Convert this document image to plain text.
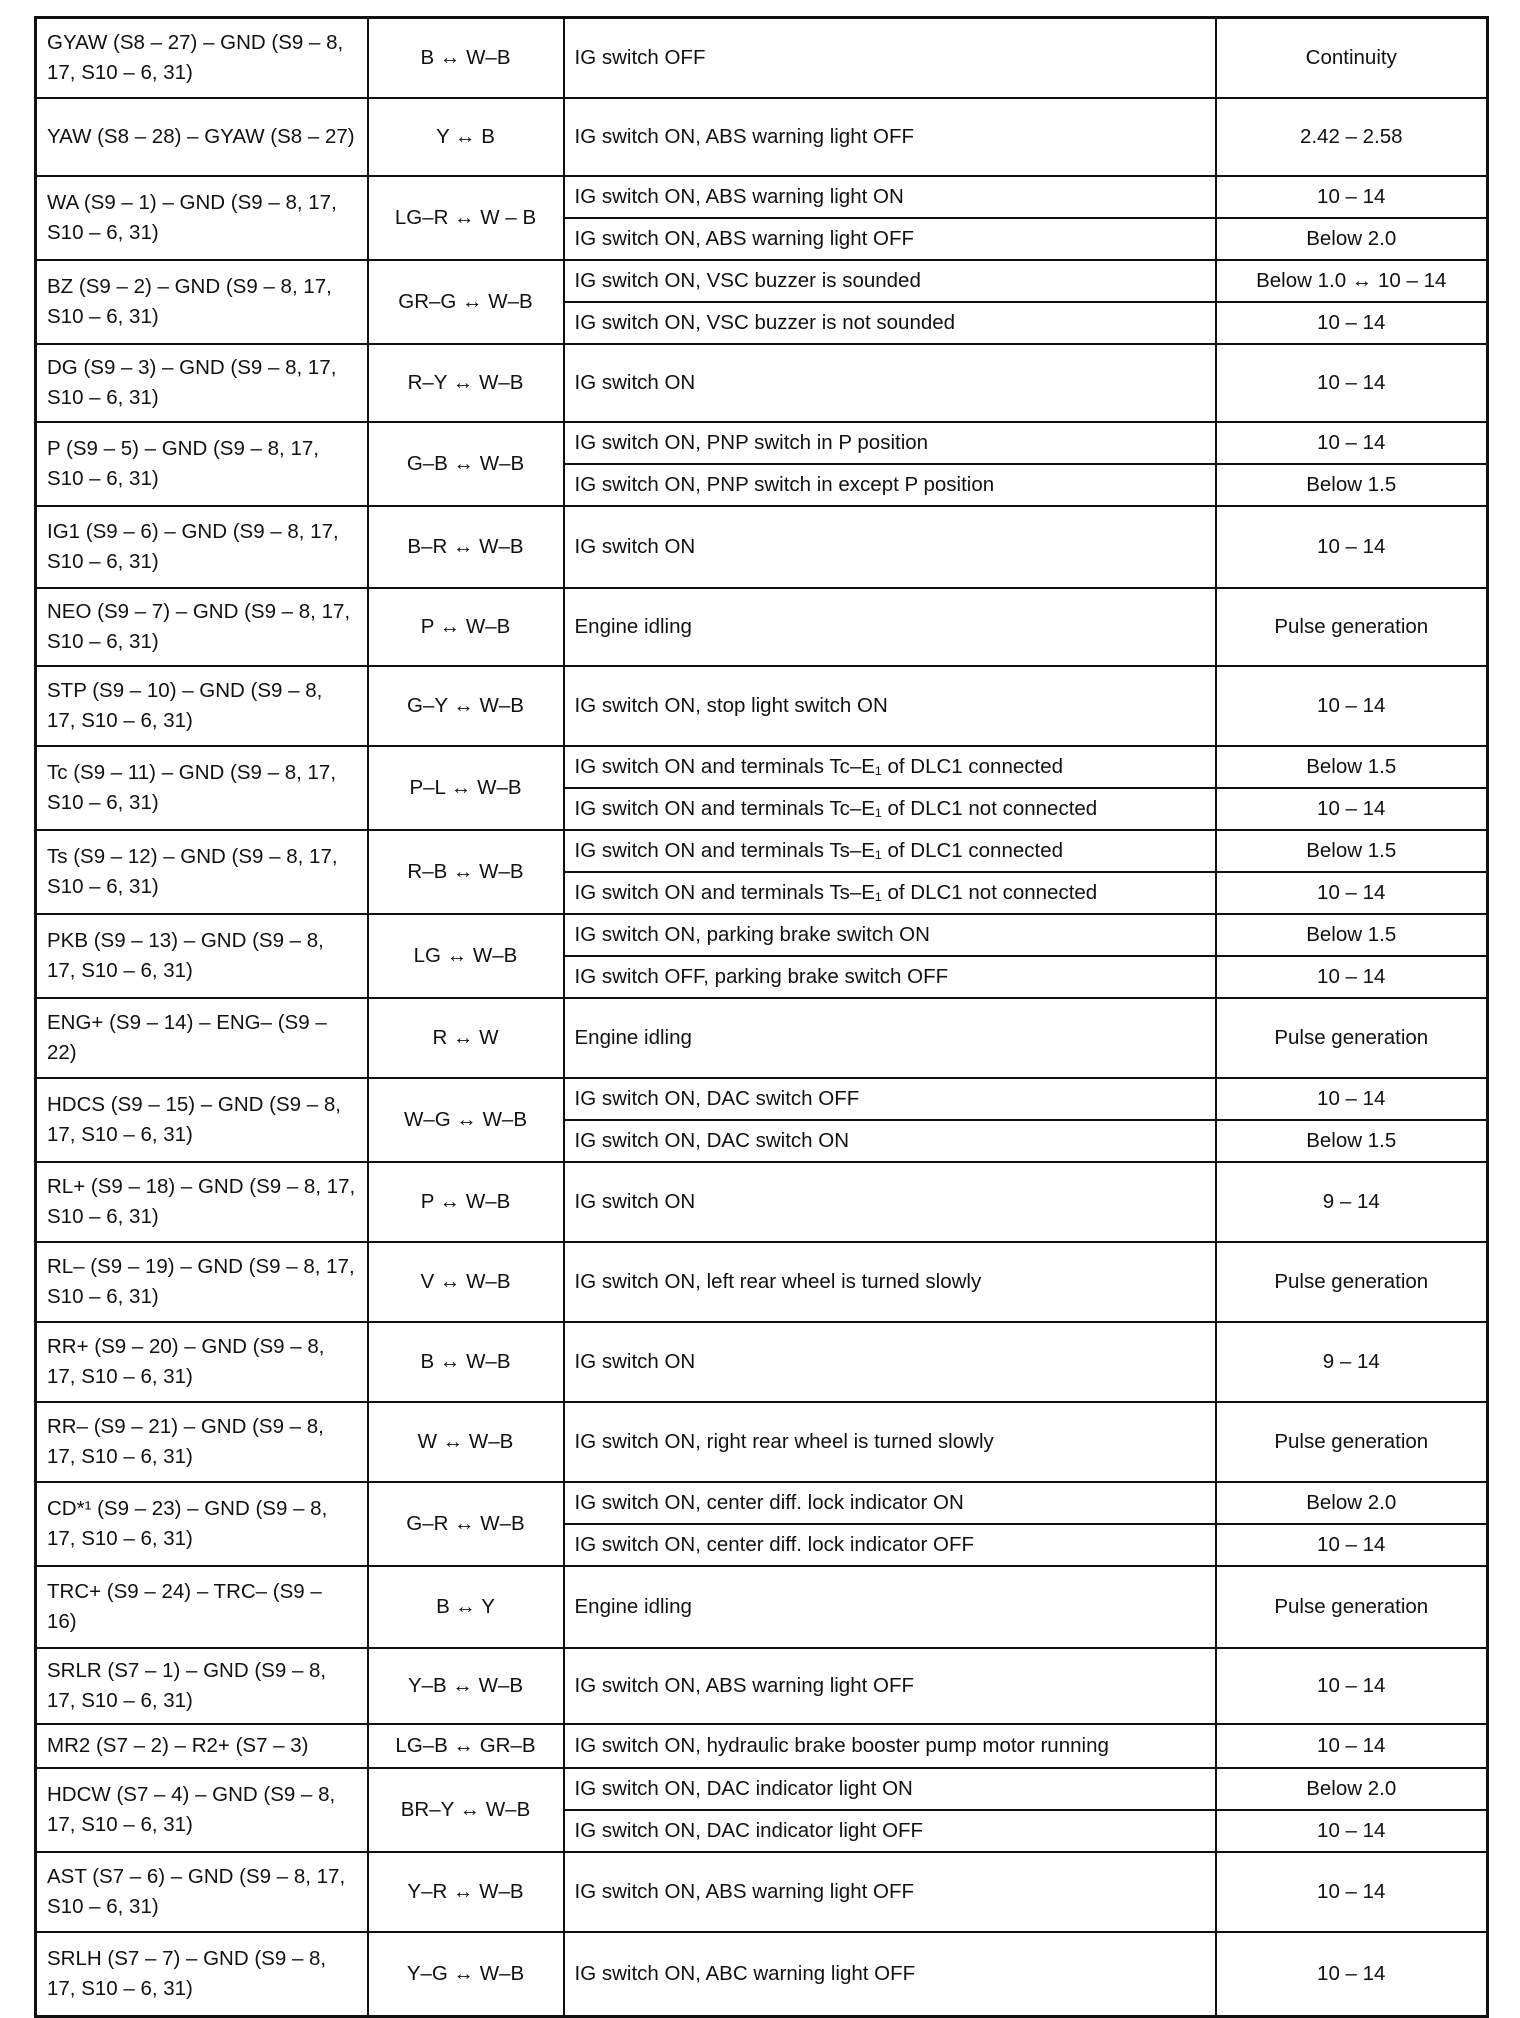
GYAW (S8 – 27) – GND (S9 – 8, 17, S10 – 6, 31)	B ↔ W–B	IG switch OFF	Continuity
YAW (S8 – 28) – GYAW (S8 – 27)	Y ↔ B	IG switch ON, ABS warning light OFF	2.42 – 2.58
WA (S9 – 1) – GND (S9 – 8, 17, S10 – 6, 31)	LG–R ↔ W – B	IG switch ON, ABS warning light ON	10 – 14
		IG switch ON, ABS warning light OFF	Below 2.0
BZ (S9 – 2) – GND (S9 – 8, 17, S10 – 6, 31)	GR–G ↔ W–B	IG switch ON, VSC buzzer is sounded	Below 1.0 ↔ 10 – 14
		IG switch ON, VSC buzzer is not sounded	10 – 14
DG (S9 – 3) – GND (S9 – 8, 17, S10 – 6, 31)	R–Y ↔ W–B	IG switch ON	10 – 14
P (S9 – 5) – GND (S9 – 8, 17, S10 – 6, 31)	G–B ↔ W–B	IG switch ON, PNP switch in P position	10 – 14
		IG switch ON, PNP switch in except P position	Below 1.5
IG1 (S9 – 6) – GND (S9 – 8, 17, S10 – 6, 31)	B–R ↔ W–B	IG switch ON	10 – 14
NEO (S9 – 7) – GND (S9 – 8, 17, S10 – 6, 31)	P ↔ W–B	Engine idling	Pulse generation
STP (S9 – 10) – GND (S9 – 8, 17, S10 – 6, 31)	G–Y ↔ W–B	IG switch ON, stop light switch ON	10 – 14
Tc (S9 – 11) – GND (S9 – 8, 17, S10 – 6, 31)	P–L ↔ W–B	IG switch ON and terminals Tc–E₁ of DLC1 connected	Below 1.5
		IG switch ON and terminals Tc–E₁ of DLC1 not connected	10 – 14
Ts (S9 – 12) – GND (S9 – 8, 17, S10 – 6, 31)	R–B ↔ W–B	IG switch ON and terminals Ts–E₁ of DLC1 connected	Below 1.5
		IG switch ON and terminals Ts–E₁ of DLC1 not connected	10 – 14
PKB (S9 – 13) – GND (S9 – 8, 17, S10 – 6, 31)	LG ↔ W–B	IG switch ON, parking brake switch ON	Below 1.5
		IG switch OFF, parking brake switch OFF	10 – 14
ENG+ (S9 – 14) – ENG– (S9 – 22)	R ↔ W	Engine idling	Pulse generation
HDCS (S9 – 15) – GND (S9 – 8, 17, S10 – 6, 31)	W–G ↔ W–B	IG switch ON, DAC switch OFF	10 – 14
		IG switch ON, DAC switch ON	Below 1.5
RL+ (S9 – 18) – GND (S9 – 8, 17, S10 – 6, 31)	P ↔ W–B	IG switch ON	9 – 14
RL– (S9 – 19) – GND (S9 – 8, 17, S10 – 6, 31)	V ↔ W–B	IG switch ON, left rear wheel is turned slowly	Pulse generation
RR+ (S9 – 20) – GND (S9 – 8, 17, S10 – 6, 31)	B ↔ W–B	IG switch ON	9 – 14
RR– (S9 – 21) – GND (S9 – 8, 17, S10 – 6, 31)	W ↔ W–B	IG switch ON, right rear wheel is turned slowly	Pulse generation
CD*¹ (S9 – 23) – GND (S9 – 8, 17, S10 – 6, 31)	G–R ↔ W–B	IG switch ON, center diff. lock indicator ON	Below 2.0
		IG switch ON, center diff. lock indicator OFF	10 – 14
TRC+ (S9 – 24) – TRC– (S9 – 16)	B ↔ Y	Engine idling	Pulse generation
SRLR (S7 – 1) – GND (S9 – 8, 17, S10 – 6, 31)	Y–B ↔ W–B	IG switch ON, ABS warning light OFF	10 – 14
MR2 (S7 – 2) – R2+ (S7 – 3)	LG–B ↔ GR–B	IG switch ON, hydraulic brake booster pump motor running	10 – 14
HDCW (S7 – 4) – GND (S9 – 8, 17, S10 – 6, 31)	BR–Y ↔ W–B	IG switch ON, DAC indicator light ON	Below 2.0
		IG switch ON, DAC indicator light OFF	10 – 14
AST (S7 – 6) – GND (S9 – 8, 17, S10 – 6, 31)	Y–R ↔ W–B	IG switch ON, ABS warning light OFF	10 – 14
SRLH (S7 – 7) – GND (S9 – 8, 17, S10 – 6, 31)	Y–G ↔ W–B	IG switch ON, ABC warning light OFF	10 – 14
